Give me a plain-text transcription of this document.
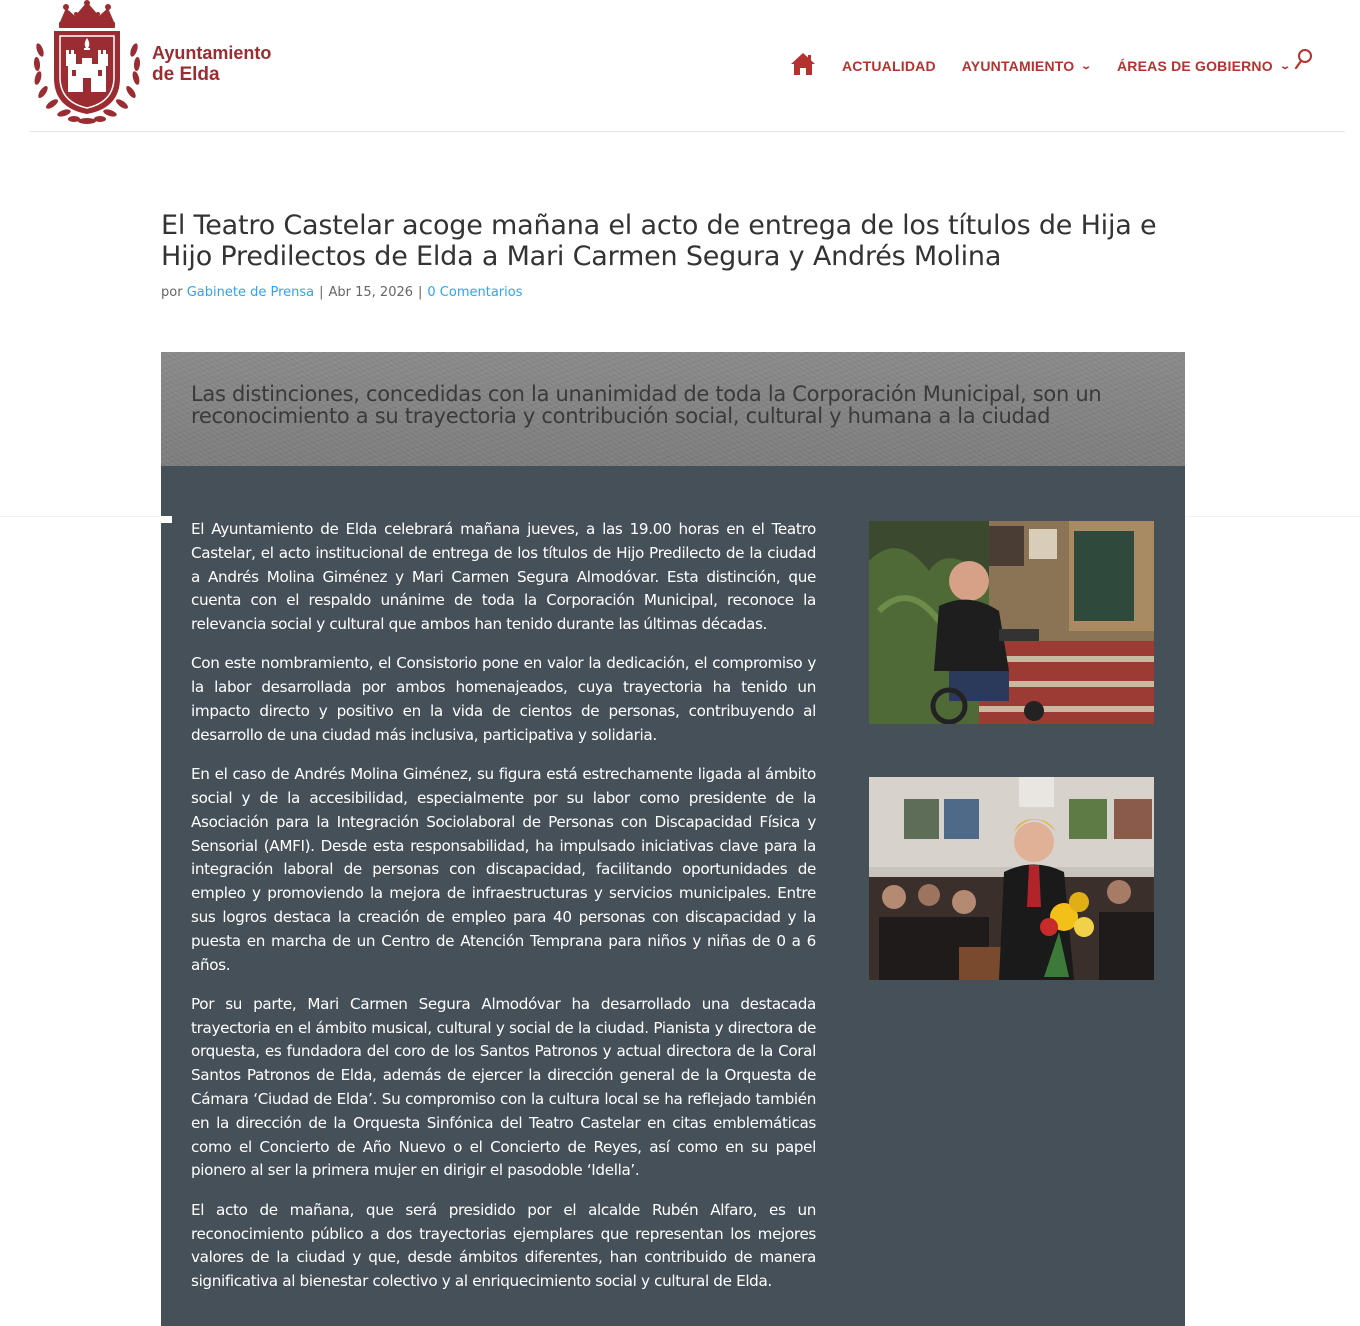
Ayuntamiento
de Elda	ACTUALIDAD AYUNTAMIENTO ⌄ ÁREAS DE GOBIERNO ⌄
El Teatro Castelar acoge mañana el acto de entrega de los títulos de Hija e Hijo Predilectos de Elda a Mari Carmen Segura y Andrés Molina
por Gabinete de Prensa | Abr 15, 2026 | 0 Comentarios

Las distinciones, concedidas con la unanimidad de toda la Corporación Municipal, son un reconocimiento a su trayectoria y contribución social, cultural y humana a la ciudad

El Ayuntamiento de Elda celebrará mañana jueves, a las 19.00 horas en el Teatro Castelar, el acto institucional de entrega de los títulos de Hijo Predilecto de la ciudad a Andrés Molina Giménez y Mari Carmen Segura Almodóvar. Esta distinción, que cuenta con el respaldo unánime de toda la Corporación Municipal, reconoce la relevancia social y cultural que ambos han tenido durante las últimas décadas.

Con este nombramiento, el Consistorio pone en valor la dedicación, el compromiso y la labor desarrollada por ambos homenajeados, cuya trayectoria ha tenido un impacto directo y positivo en la vida de cientos de personas, contribuyendo al desarrollo de una ciudad más inclusiva, participativa y solidaria.

En el caso de Andrés Molina Giménez, su figura está estrechamente ligada al ámbito social y de la accesibilidad, especialmente por su labor como presidente de la Asociación para la Integración Sociolaboral de Personas con Discapacidad Física y Sensorial (AMFI). Desde esta responsabilidad, ha impulsado iniciativas clave para la integración laboral de personas con discapacidad, facilitando oportunidades de empleo y promoviendo la mejora de infraestructuras y servicios municipales. Entre sus logros destaca la creación de empleo para 40 personas con discapacidad y la puesta en marcha de un Centro de Atención Temprana para niños y niñas de 0 a 6 años.

Por su parte, Mari Carmen Segura Almodóvar ha desarrollado una destacada trayectoria en el ámbito musical, cultural y social de la ciudad. Pianista y directora de orquesta, es fundadora del coro de los Santos Patronos y actual directora de la Coral Santos Patronos de Elda, además de ejercer la dirección general de la Orquesta de Cámara ‘Ciudad de Elda’. Su compromiso con la cultura local se ha reflejado también en la dirección de la Orquesta Sinfónica del Teatro Castelar en citas emblemáticas como el Concierto de Año Nuevo o el Concierto de Reyes, así como en su papel pionero al ser la primera mujer en dirigir el pasodoble ‘Idella’.

El acto de mañana, que será presidido por el alcalde Rubén Alfaro, es un reconocimiento público a dos trayectorias ejemplares que representan los mejores valores de la ciudad y que, desde ámbitos diferentes, han contribuido de manera significativa al bienestar colectivo y al enriquecimiento social y cultural de Elda.
